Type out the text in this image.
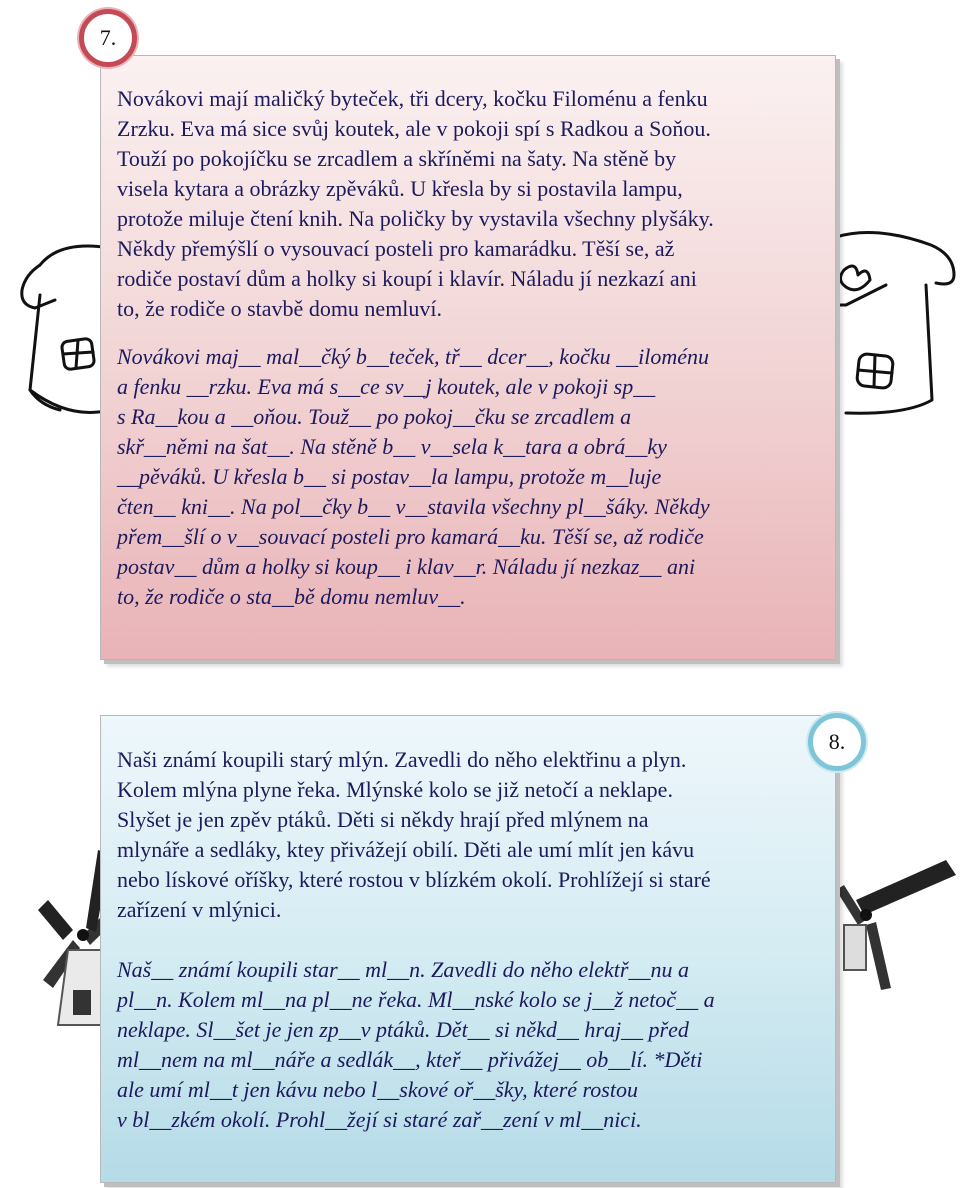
Novákovi mají maličký byteček, tři dcery, kočku Filoménu a fenku
Zrzku. Eva má sice svůj koutek, ale v pokoji spí s Radkou a Soňou.
Touží po pokojíčku se zrcadlem a skříněmi na šaty. Na stěně by
visela kytara a obrázky zpěváků. U křesla by si postavila lampu,
protože miluje čtení knih. Na poličky by vystavila všechny plyšáky.
Někdy přemýšlí o vysouvací posteli pro kamarádku. Těší se, až
rodiče postaví dům a holky si koupí i klavír. Náladu jí nezkazí ani
to, že rodiče o stavbě domu nemluví.

Novákovi maj__ mal__čký b__teček, tř__ dcer__, kočku __iloménu
a fenku __rzku. Eva má s__ce sv__j koutek, ale v pokoji sp__
s Ra__kou a __oňou. Touž__ po pokoj__čku se zrcadlem a
skř__němi na šat__. Na stěně b__ v__sela k__tara a obrá__ky
__pěváků. U křesla b__ si postav__la lampu, protože m__luje
čten__ kni__. Na pol__čky b__ v__stavila všechny pl__šáky. Někdy
přem__šlí o v__souvací posteli pro kamará__ku. Těší se, až rodiče
postav__ dům a holky si koup__ i klav__r. Náladu jí nezkaz__ ani
to, že rodiče o sta__bě domu nemluv__.

7.

Naši známí koupili starý mlýn. Zavedli do něho elektřinu a plyn.
Kolem mlýna plyne řeka. Mlýnské kolo se již netočí a neklape.
Slyšet je jen zpěv ptáků. Děti si někdy hrají před mlýnem na
mlynáře a sedláky, ktey přivážejí obilí. Děti ale umí mlít jen kávu
nebo lískové oříšky, které rostou v blízkém okolí. Prohlížejí si staré
zařízení v mlýnici.

Naš__ známí koupili star__ ml__n. Zavedli do něho elektř__nu a
pl__n. Kolem ml__na pl__ne řeka. Ml__nské kolo se j__ž netoč__ a
neklape. Sl__šet je jen zp__v ptáků. Dět__ si někd__ hraj__ před
ml__nem na ml__náře a sedlák__, kteř__ přivážej__ ob__lí. *Děti
ale umí ml__t jen kávu nebo l__skové oř__šky, které rostou
v bl__zkém okolí. Prohl__žejí si staré zař__zení v ml__nici.

8.
